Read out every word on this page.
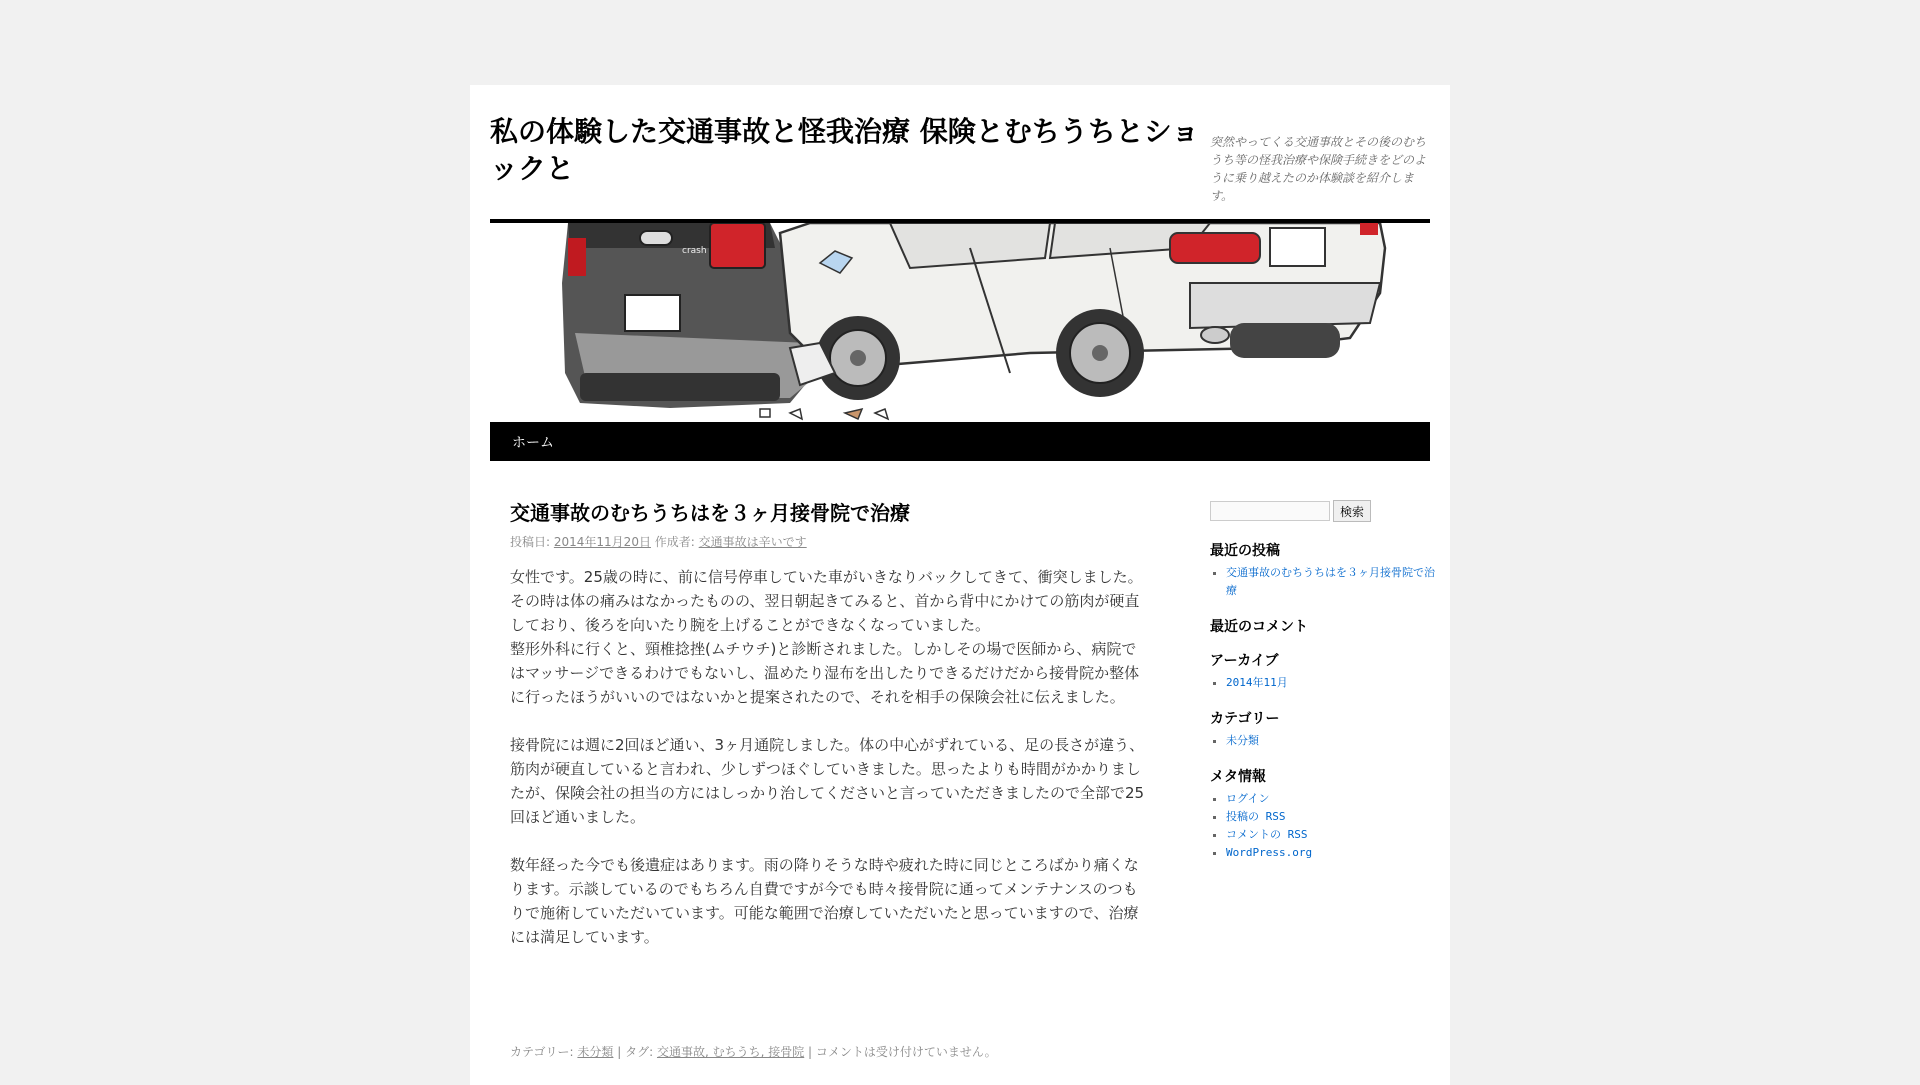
私の体験した交通事故と怪我治療 保険とむちうちとショックと
突然やってくる交通事故とその後のむちうち等の怪我治療や保険手続きをどのように乗り越えたのか体験談を紹介します。
crash
ホーム
交通事故のむちうちはを３ヶ月接骨院で治療
投稿日: 2014年11月20日 作成者: 交通事故は辛いです

女性です。25歳の時に、前に信号停車していた車がいきなりバックしてきて、衝突しました。その時は体の痛みはなかったものの、翌日朝起きてみると、首から背中にかけての筋肉が硬直しており、後ろを向いたり腕を上げることができなくなっていました。
整形外科に行くと、頸椎捻挫(ムチウチ)と診断されました。しかしその場で医師から、病院ではマッサージできるわけでもないし、温めたり湿布を出したりできるだけだから接骨院か整体に行ったほうがいいのではないかと提案されたので、それを相手の保険会社に伝えました。

接骨院には週に2回ほど通い、3ヶ月通院しました。体の中心がずれている、足の長さが違う、筋肉が硬直していると言われ、少しずつほぐしていきました。思ったよりも時間がかかりましたが、保険会社の担当の方にはしっかり治してくださいと言っていただきましたので全部で25回ほど通いました。

数年経った今でも後遺症はあります。雨の降りそうな時や疲れた時に同じところばかり痛くなります。示談しているのでもちろん自費ですが今でも時々接骨院に通ってメンテナンスのつもりで施術していただいています。可能な範囲で治療していただいたと思っていますので、治療には満足しています。

カテゴリー: 未分類 | タグ: 交通事故, むちうち, 接骨院 | コメントは受け付けていません。
検索
最近の投稿
▪ 交通事故のむちうちはを３ヶ月接骨院で治療
最近のコメント
アーカイブ
▪ 2014年11月
カテゴリー
▪ 未分類
メタ情報
▪ ログイン
▪ 投稿の RSS
▪ コメントの RSS
▪ WordPress.org
